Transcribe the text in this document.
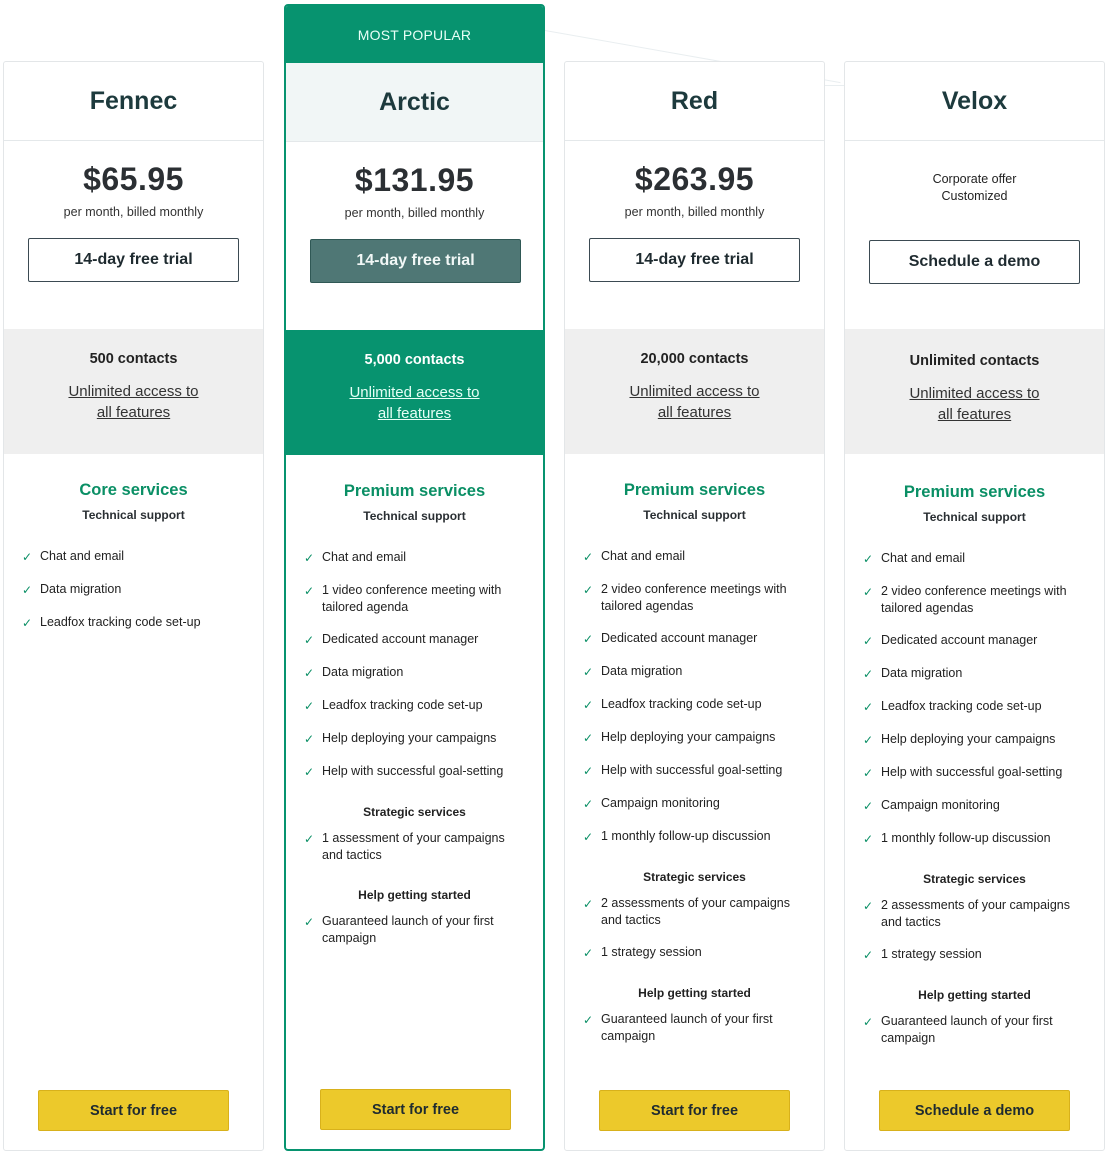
Fennec
$65.95
per month, billed monthly
14-day free trial
500 contacts
Unlimited access to
all features
Core services
Technical support
✓ Chat and email
✓ Data migration
✓ Leadfox tracking code set-up
Start for free
MOST POPULAR
Arctic
$131.95
per month, billed monthly
14-day free trial
5,000 contacts
Unlimited access to
all features
Premium services
Technical support
✓ Chat and email
✓ 1 video conference meeting with tailored agenda
✓ Dedicated account manager
✓ Data migration
✓ Leadfox tracking code set-up
✓ Help deploying your campaigns
✓ Help with successful goal-setting
Strategic services
✓ 1 assessment of your campaigns and tactics
Help getting started
✓ Guaranteed launch of your first campaign
Start for free
Red
$263.95
per month, billed monthly
14-day free trial
20,000 contacts
Unlimited access to
all features
Premium services
Technical support
✓ Chat and email
✓ 2 video conference meetings with tailored agendas
✓ Dedicated account manager
✓ Data migration
✓ Leadfox tracking code set-up
✓ Help deploying your campaigns
✓ Help with successful goal-setting
✓ Campaign monitoring
✓ 1 monthly follow-up discussion
Strategic services
✓ 2 assessments of your campaigns and tactics
✓ 1 strategy session
Help getting started
✓ Guaranteed launch of your first campaign
Start for free
Velox
Corporate offer
Customized
Schedule a demo
Unlimited contacts
Unlimited access to
all features
Premium services
Technical support
✓ Chat and email
✓ 2 video conference meetings with tailored agendas
✓ Dedicated account manager
✓ Data migration
✓ Leadfox tracking code set-up
✓ Help deploying your campaigns
✓ Help with successful goal-setting
✓ Campaign monitoring
✓ 1 monthly follow-up discussion
Strategic services
✓ 2 assessments of your campaigns and tactics
✓ 1 strategy session
Help getting started
✓ Guaranteed launch of your first campaign
Schedule a demo
